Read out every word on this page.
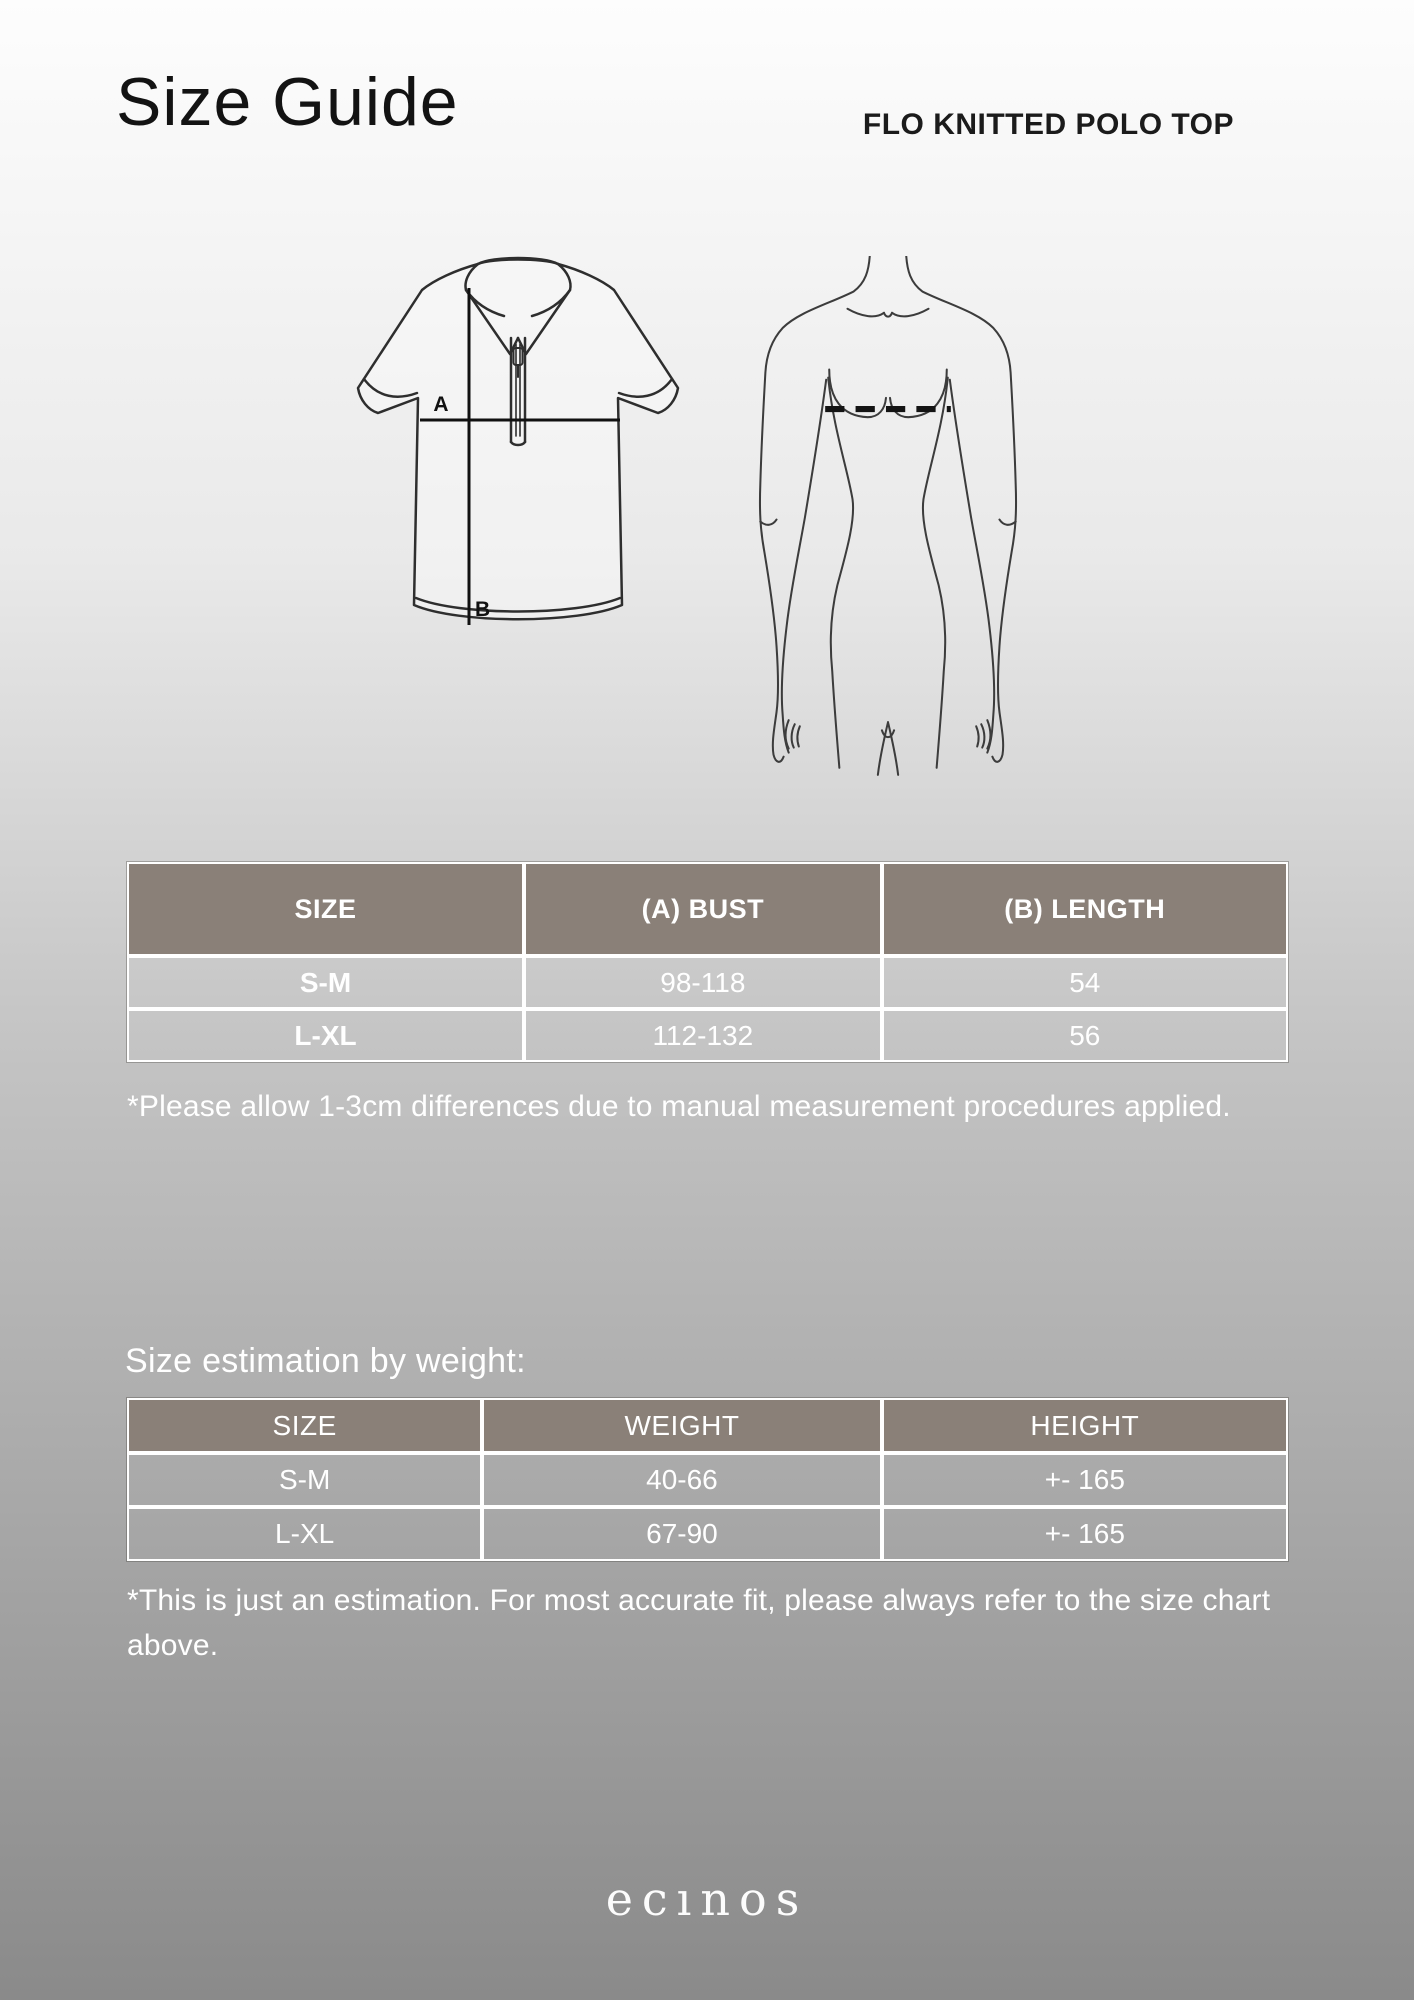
Size Guide	FLO KNITTED POLO TOP
A
B
SIZE	(A) BUST	(B) LENGTH
S-M	98-118	54
L-XL	112-132	56
*Please allow 1-3cm differences due to manual measurement procedures applied.
Size estimation by weight:
SIZE	WEIGHT	HEIGHT
S-M	40-66	+- 165
L-XL	67-90	+- 165
*This is just an estimation. For most accurate fit, please always refer to the size chart above.
ecınos
